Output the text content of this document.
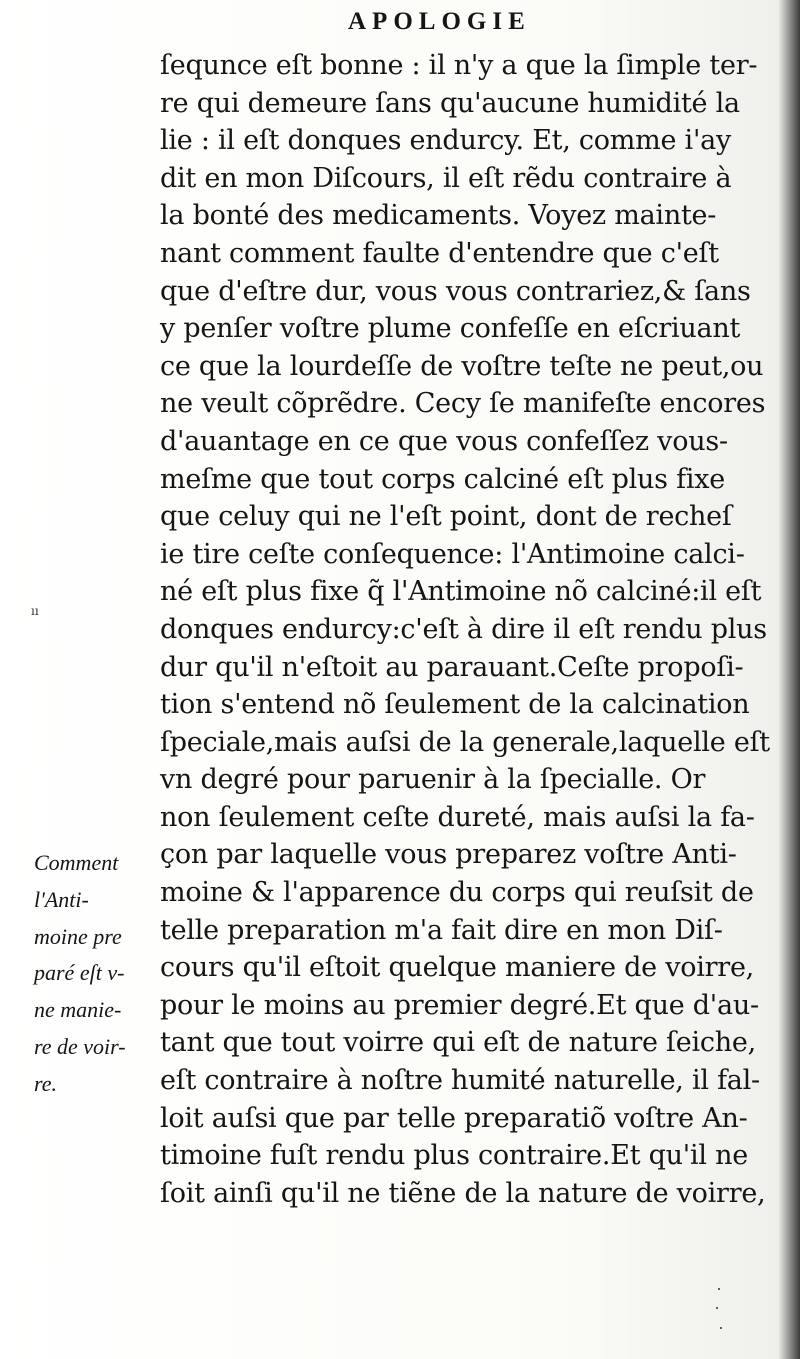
APOLOGIE
ſequnce eſt bonne : il n'y a que la ſimple ter-
re qui demeure ſans qu'aucune humidité la
lie : il eſt donques endurcy. Et, comme i'ay
dit en mon Diſcours, il eſt rẽdu contraire à
la bonté des medicaments. Voyez mainte-
nant comment faulte d'entendre que c'eſt
que d'eſtre dur, vous vous contrariez,& ſans
y penſer voſtre plume confeſſe en eſcriuant
ce que la lourdeſſe de voſtre teſte ne peut,ou
ne veult cõprẽdre. Cecy ſe manifeſte encores
d'auantage en ce que vous confeſſez vous-
meſme que tout corps calciné eſt plus fixe
que celuy qui ne l'eſt point, dont de recheſ
ie tire ceſte conſequence: l'Antimoine calci-
né eſt plus fixe q̃ l'Antimoine nõ calciné:il eſt
donques endurcy:c'eſt à dire il eſt rendu plus
dur qu'il n'eſtoit au parauant.Ceſte propoſi-
tion s'entend nõ ſeulement de la calcination
ſpeciale,mais auſsi de la generale,laquelle eſt
vn degré pour paruenir à la ſpecialle. Or
non ſeulement ceſte dureté, mais auſsi la fa-
çon par laquelle vous preparez voſtre Anti-
moine & l'apparence du corps qui reuſsit de
telle preparation m'a fait dire en mon Diſ-
cours qu'il eſtoit quelque maniere de voirre,
pour le moins au premier degré.Et que d'au-
tant que tout voirre qui eſt de nature ſeiche,
eſt contraire à noſtre humité naturelle, il fal-
loit auſsi que par telle preparatiõ voſtre An-
timoine fuſt rendu plus contraire.Et qu'il ne
ſoit ainſi qu'il ne tiẽne de la nature de voirre,
ıı
Comment
l'Anti-
moine pre
paré eſt v-
ne manie-
re de voir-
re.
